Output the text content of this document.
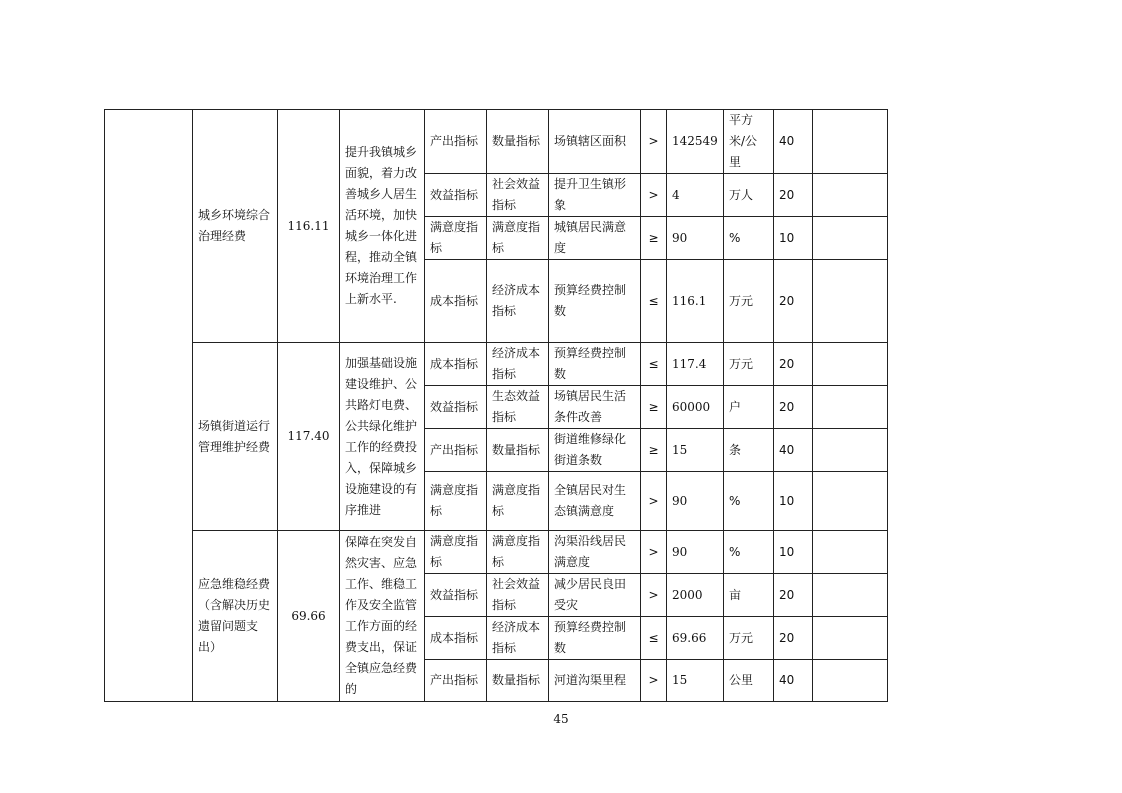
	城乡环境综合治理经费	116.11	提升我镇城乡面貌，着力改善城乡人居生活环境，加快城乡一体化进程，推动全镇环境治理工作上新水平.	产出指标	数量指标	场镇辖区面积	>	142549	平方米/公里	40	
				效益指标	社会效益指标	提升卫生镇形象	>	4	万人	20	
				满意度指标	满意度指标	城镇居民满意度	≥	90	%	10	
				成本指标	经济成本指标	预算经费控制数	≤	116.1	万元	20	
	场镇街道运行管理维护经费	117.40	加强基础设施建设维护、公共路灯电费、公共绿化维护工作的经费投入，保障城乡设施建设的有序推进	成本指标	经济成本指标	预算经费控制数	≤	117.4	万元	20	
				效益指标	生态效益指标	场镇居民生活条件改善	≥	60000	户	20	
				产出指标	数量指标	街道维修绿化街道条数	≥	15	条	40	
				满意度指标	满意度指标	全镇居民对生态镇满意度	>	90	%	10	
	应急维稳经费（含解决历史遗留问题支出）	69.66	保障在突发自然灾害、应急工作、维稳工作及安全监管工作方面的经费支出，保证全镇应急经费的	满意度指标	满意度指标	沟渠沿线居民满意度	>	90	%	10	
				效益指标	社会效益指标	减少居民良田受灾	>	2000	亩	20	
				成本指标	经济成本指标	预算经费控制数	≤	69.66	万元	20	
				产出指标	数量指标	河道沟渠里程	>	15	公里	40	
45
